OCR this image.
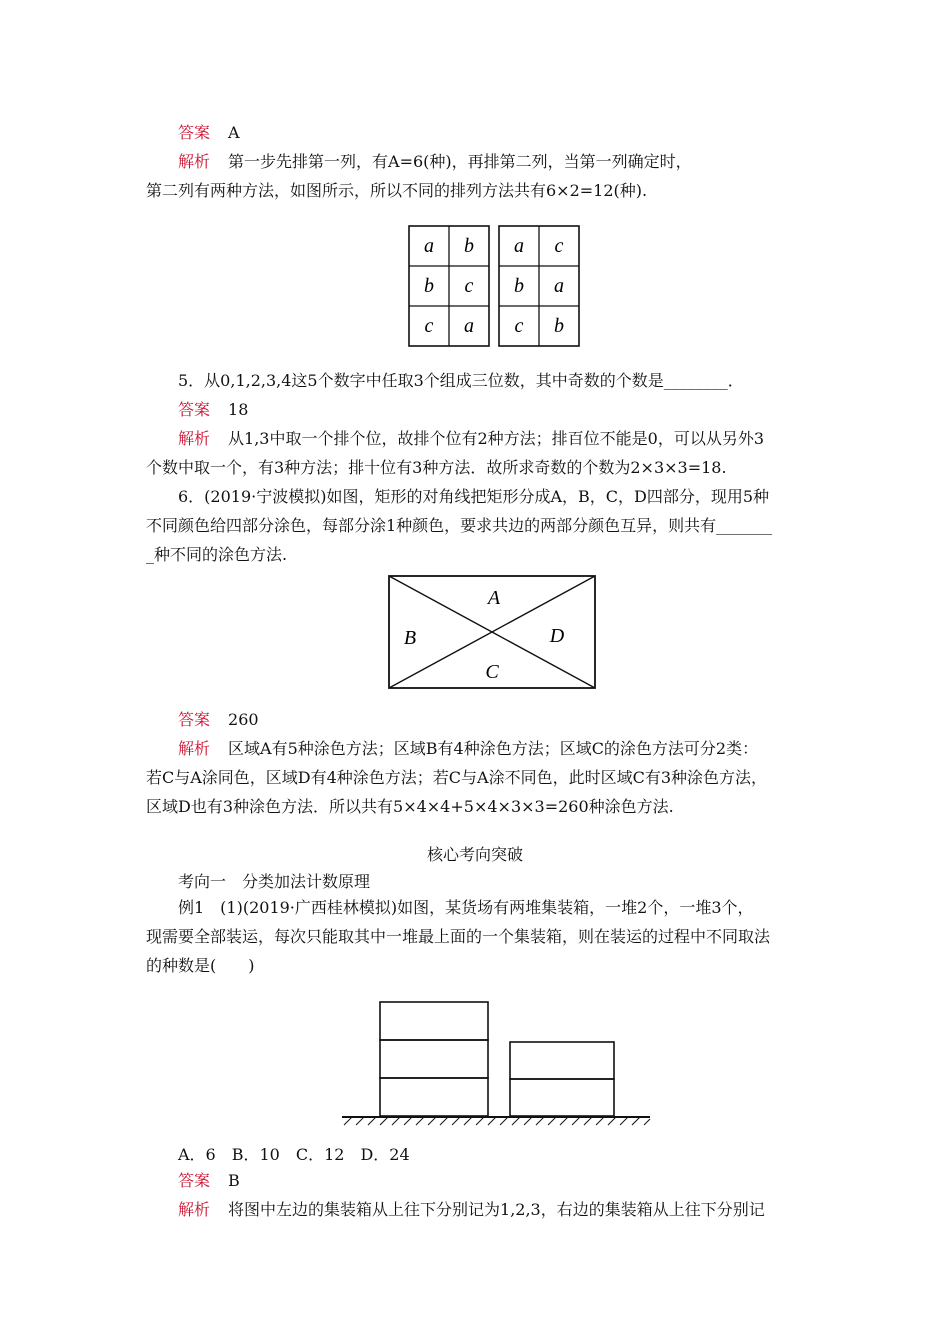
答案 A
解析 第一步先排第一列，有A=6(种)，再排第二列，当第一列确定时，
第二列有两种方法，如图所示，所以不同的排列方法共有6×2=12(种).
a b
b c
c a
a c
b a
c b
5．从0,1,2,3,4这5个数字中任取3个组成三位数，其中奇数的个数是________．
答案 18
解析 从1,3中取一个排个位，故排个位有2种方法；排百位不能是0，可以从另外3
个数中取一个，有3种方法；排十位有3种方法．故所求奇数的个数为2×3×3=18.
6．(2019·宁波模拟)如图，矩形的对角线把矩形分成A，B，C，D四部分，现用5种
不同颜色给四部分涂色，每部分涂1种颜色，要求共边的两部分颜色互异，则共有_______
_种不同的涂色方法.
A
B
C
D
答案 260
解析 区域A有5种涂色方法；区域B有4种涂色方法；区域C的涂色方法可分2类：
若C与A涂同色，区域D有4种涂色方法；若C与A涂不同色，此时区域C有3种涂色方法，
区域D也有3种涂色方法．所以共有5×4×4+5×4×3×3=260种涂色方法.
核心考向突破
考向一　分类加法计数原理
例1　(1)(2019·广西桂林模拟)如图，某货场有两堆集装箱，一堆2个，一堆3个，
现需要全部装运，每次只能取其中一堆最上面的一个集装箱，则在装运的过程中不同取法
的种数是(　　)
A．6　B．10　C．12　D．24
答案 B
解析 将图中左边的集装箱从上往下分别记为1,2,3，右边的集装箱从上往下分别记
